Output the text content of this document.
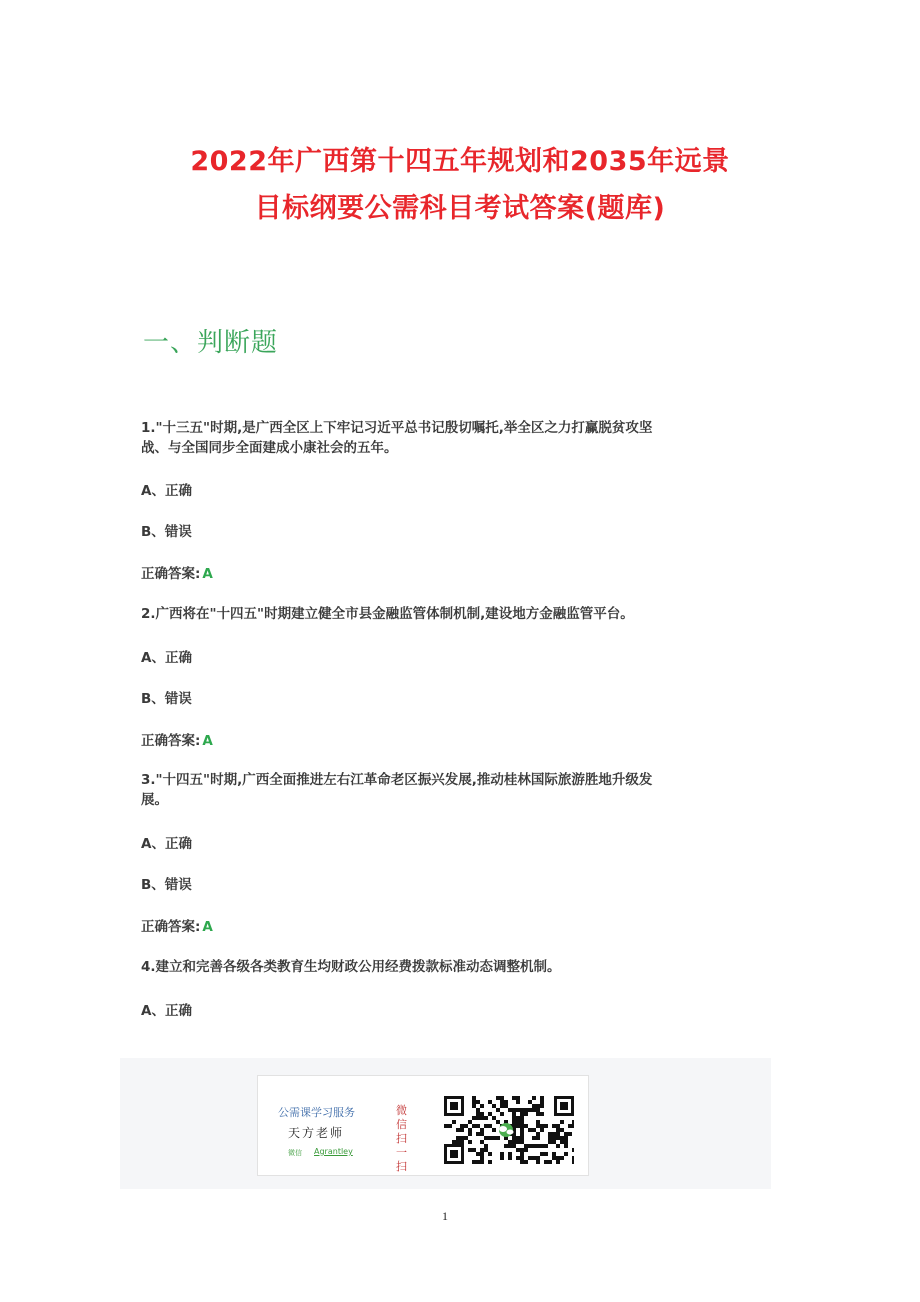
2022年广西第十四五年规划和2035年远景
目标纲要公需科目考试答案(题库)
一、判断题

1."十三五"时期,是广西全区上下牢记习近平总书记殷切嘱托,举全区之力打赢脱贫攻坚
战、与全国同步全面建成小康社会的五年。

A、正确

B、错误

正确答案: A

2.广西将在"十四五"时期建立健全市县金融监管体制机制,建设地方金融监管平台。

A、正确

B、错误

正确答案: A

3."十四五"时期,广西全面推进左右江革命老区振兴发展,推动桂林国际旅游胜地升级发
展。

A、正确

B、错误

正确答案: A

4.建立和完善各级各类教育生均财政公用经费拨款标准动态调整机制。

A、正确

公需课学习服务
天方老师
微信 Agrantley
微信扫一扫
1
